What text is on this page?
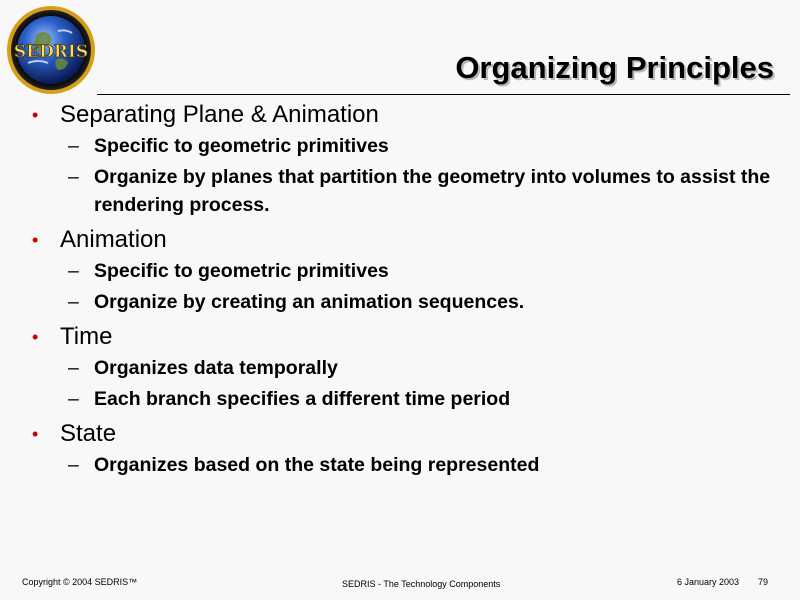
SEDRIS	Organizing Principles
• Separating Plane & Animation
– Specific to geometric primitives
– Organize by planes that partition the geometry into volumes to assist the rendering process.
• Animation
– Specific to geometric primitives
– Organize by creating an animation sequences.
• Time
– Organizes data temporally
– Each branch specifies a different time period
• State
– Organizes based on the state being represented
Copyright © 2004 SEDRIS™	SEDRIS - The Technology Components	6 January 2003 79
